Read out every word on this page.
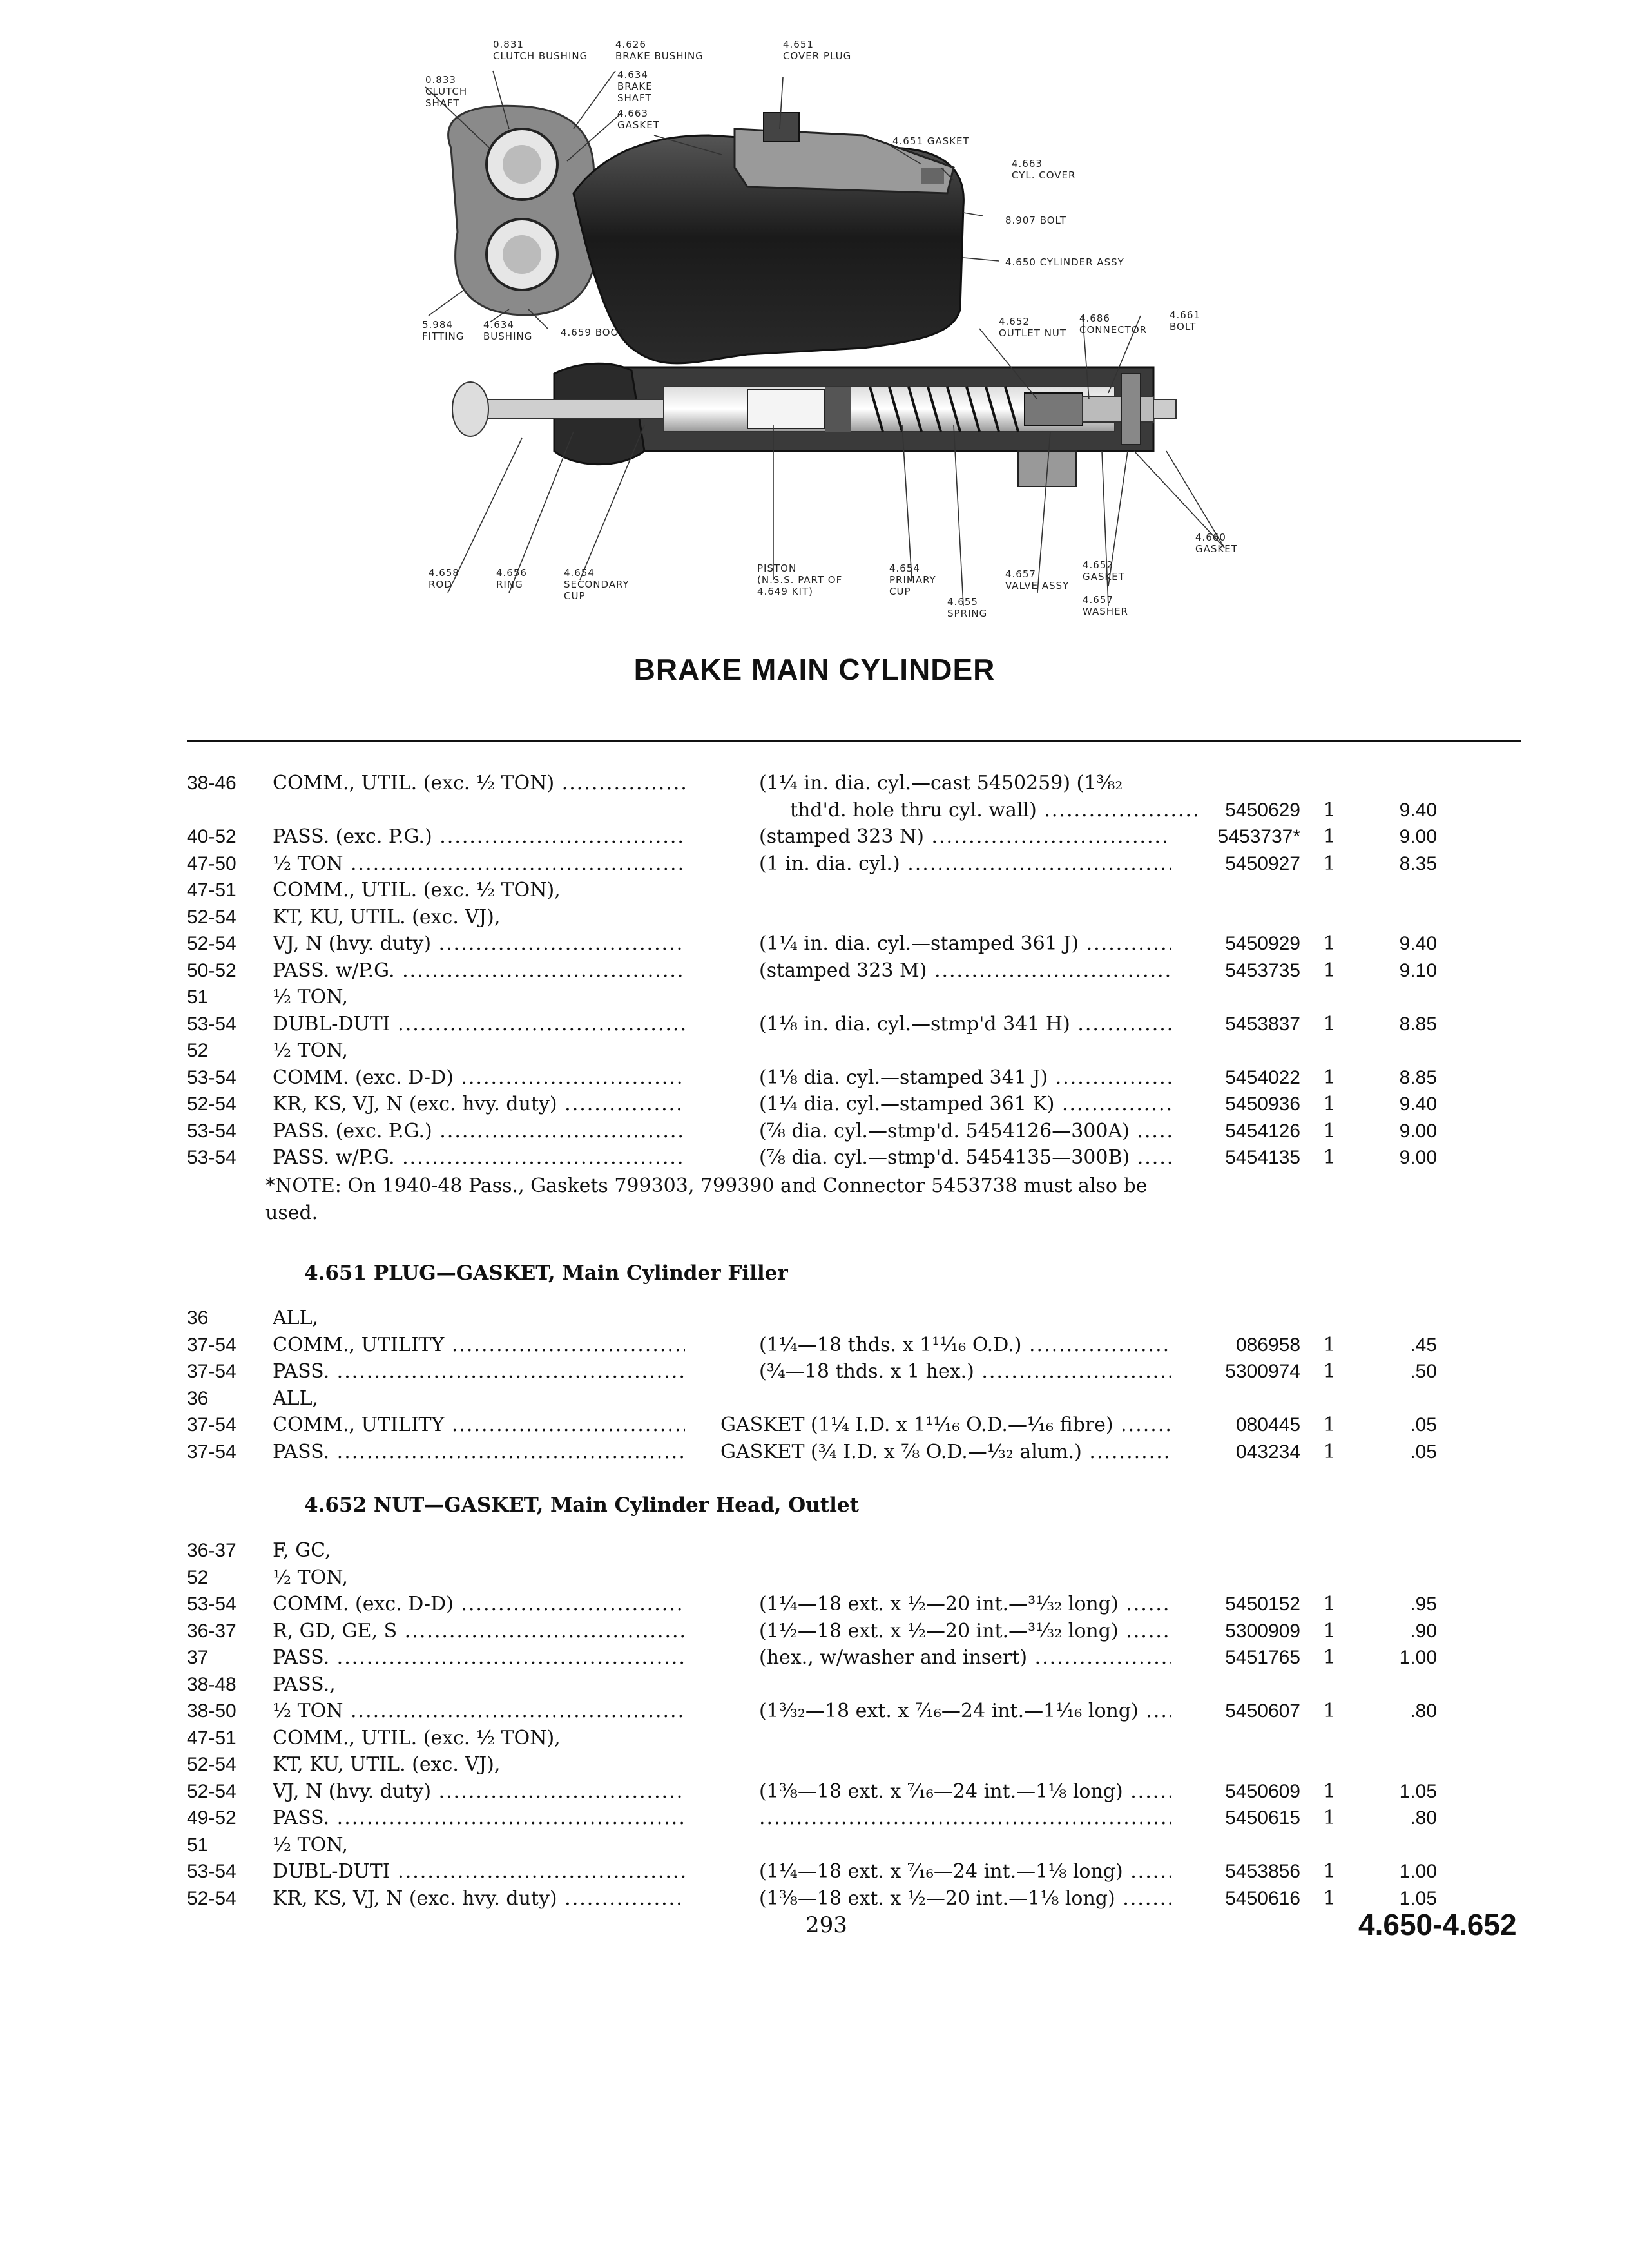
0.831
CLUTCH BUSHING
4.626
BRAKE BUSHING
4.651
COVER PLUG
0.833
CLUTCH
SHAFT
4.634
BRAKE
SHAFT
4.663
GASKET
4.651 GASKET
4.663
CYL. COVER
8.907 BOLT
4.650 CYLINDER ASSY
5.984
FITTING
4.634
BUSHING	4.659 BOOT
4.652
OUTLET NUT
4.686
CONNECTOR
4.661
BOLT
4.660
GASKET
4.658
ROD
4.656
RING
4.654
SECONDARY
CUP
PISTON
(N.S.S. PART OF
4.649 KIT)
4.654
PRIMARY
CUP
4.655
SPRING
4.657
VALVE ASSY
4.652
GASKET
4.657
WASHER
BRAKE MAIN CYLINDER
38-46 COMM., UTIL. (exc. ½ TON) .....	(1¼ in. dia. cyl.—cast 5450259) (1⅜₂
thd'd. hole thru cyl. wall) .....	5450629 1	9.40
40-52 PASS. (exc. P.G.) .....	(stamped 323 N) .....	5453737* 1	9.00
47-50 ½ TON .....	(1 in. dia. cyl.) .....	5450927 1	8.35
47-51 COMM., UTIL. (exc. ½ TON),
52-54 KT, KU, UTIL. (exc. VJ),
52-54 VJ, N (hvy. duty) .....	(1¼ in. dia. cyl.—stamped 361 J) .....	5450929 1	9.40
50-52 PASS. w/P.G. .....	(stamped 323 M) .....	5453735 1	9.10
51	½ TON,
53-54 DUBL-DUTI .....	(1⅛ in. dia. cyl.—stmp'd 341 H) .....	5453837 1	8.85
52	½ TON,
53-54 COMM. (exc. D-D) .....	(1⅛ dia. cyl.—stamped 341 J) .....	5454022 1	8.85
52-54 KR, KS, VJ, N (exc. hvy. duty) .....	(1¼ dia. cyl.—stamped 361 K) .....	5450936 1	9.40
53-54 PASS. (exc. P.G.) .....	(⅞ dia. cyl.—stmp'd. 5454126—300A) .....	5454126 1	9.00
53-54 PASS. w/P.G. .....	(⅞ dia. cyl.—stmp'd. 5454135—300B) .....	5454135 1	9.00
*NOTE: On 1940-48 Pass., Gaskets 799303, 799390 and Connector 5453738 must also be used.
4.651 PLUG—GASKET, Main Cylinder Filler
36	ALL,
37-54 COMM., UTILITY .....	(1¼—18 thds. x 1¹¹⁄₁₆ O.D.) .....	086958 1	.45
37-54 PASS. .....	(¾—18 thds. x 1 hex.) .....	5300974 1	.50
36	ALL,
37-54 COMM., UTILITY .....	GASKET (1¼ I.D. x 1¹¹⁄₁₆ O.D.—¹⁄₁₆ fibre) .....	080445 1	.05
37-54 PASS. .....	GASKET (¾ I.D. x ⅞ O.D.—¹⁄₃₂ alum.) .....	043234 1	.05
4.652 NUT—GASKET, Main Cylinder Head, Outlet
36-37 F, GC,
52	½ TON,
53-54 COMM. (exc. D-D) .....	(1¼—18 ext. x ½—20 int.—³¹⁄₃₂ long) .....	5450152 1	.95
36-37 R, GD, GE, S .....	(1½—18 ext. x ½—20 int.—³¹⁄₃₂ long) .....	5300909 1	.90
37	PASS. .....	(hex., w/washer and insert) .....	5451765 1	1.00
38-48 PASS.,
38-50 ½ TON .....	(1³⁄₃₂—18 ext. x ⁷⁄₁₆—24 int.—1¹⁄₁₆ long) .....	5450607 1	.80
47-51 COMM., UTIL. (exc. ½ TON),
52-54 KT, KU, UTIL. (exc. VJ),
52-54 VJ, N (hvy. duty) .....	(1⅜—18 ext. x ⁷⁄₁₆—24 int.—1⅛ long) .....	5450609 1	1.05
49-52 PASS. .....
.....	5450615 1	.80
51	½ TON,
53-54 DUBL-DUTI .....	(1¼—18 ext. x ⁷⁄₁₆—24 int.—1⅛ long) .....	5453856 1	1.00
52-54 KR, KS, VJ, N (exc. hvy. duty) .....	(1⅜—18 ext. x ½—20 int.—1⅛ long) .....	5450616 1	1.05
293	4.650-4.652
